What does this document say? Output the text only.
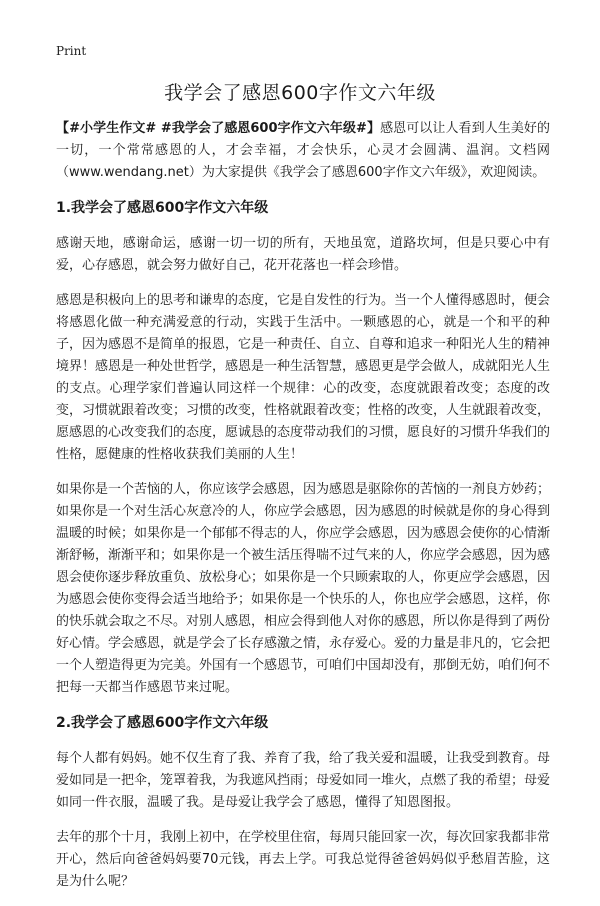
Print
我学会了感恩600字作文六年级

【#小学生作文# #我学会了感恩600字作文六年级#】感恩可以让人看到人生美好的一切，一个常常感恩的人，才会幸福，才会快乐，心灵才会圆满、温润。文档网（www.wendang.net）为大家提供《我学会了感恩600字作文六年级》，欢迎阅读。

1.我学会了感恩600字作文六年级

感谢天地，感谢命运，感谢一切一切的所有，天地虽宽，道路坎坷，但是只要心中有爱，心存感恩，就会努力做好自己，花开花落也一样会珍惜。

感恩是积极向上的思考和谦卑的态度，它是自发性的行为。当一个人懂得感恩时，便会将感恩化做一种充满爱意的行动，实践于生活中。一颗感恩的心，就是一个和平的种子，因为感恩不是简单的报恩，它是一种责任、自立、自尊和追求一种阳光人生的精神境界！感恩是一种处世哲学，感恩是一种生活智慧，感恩更是学会做人，成就阳光人生的支点。心理学家们普遍认同这样一个规律：心的改变，态度就跟着改变；态度的改变，习惯就跟着改变；习惯的改变，性格就跟着改变；性格的改变，人生就跟着改变，愿感恩的心改变我们的态度，愿诚恳的态度带动我们的习惯，愿良好的习惯升华我们的性格，愿健康的性格收获我们美丽的人生！

如果你是一个苦恼的人，你应该学会感恩，因为感恩是驱除你的苦恼的一剂良方妙药；如果你是一个对生活心灰意冷的人，你应学会感恩，因为感恩的时候就是你的身心得到温暖的时候；如果你是一个郁郁不得志的人，你应学会感恩，因为感恩会使你的心情渐渐舒畅，渐渐平和；如果你是一个被生活压得喘不过气来的人，你应学会感恩，因为感恩会使你逐步释放重负、放松身心；如果你是一个只顾索取的人，你更应学会感恩，因为感恩会使你变得会适当地给予；如果你是一个快乐的人，你也应学会感恩，这样，你的快乐就会取之不尽。对别人感恩，相应会得到他人对你的感恩，所以你是得到了两份好心情。学会感恩，就是学会了长存感激之情，永存爱心。爱的力量是非凡的，它会把一个人塑造得更为完美。外国有一个感恩节，可咱们中国却没有，那倒无妨，咱们何不把每一天都当作感恩节来过呢。

2.我学会了感恩600字作文六年级

每个人都有妈妈。她不仅生育了我、养育了我，给了我关爱和温暖，让我受到教育。母爱如同是一把伞，笼罩着我，为我遮风挡雨；母爱如同一堆火，点燃了我的希望；母爱如同一件衣服，温暖了我。是母爱让我学会了感恩，懂得了知恩图报。

去年的那个十月，我刚上初中，在学校里住宿，每周只能回家一次，每次回家我都非常开心，然后向爸爸妈妈要70元钱，再去上学。可我总觉得爸爸妈妈似乎愁眉苦脸，这是为什么呢？
